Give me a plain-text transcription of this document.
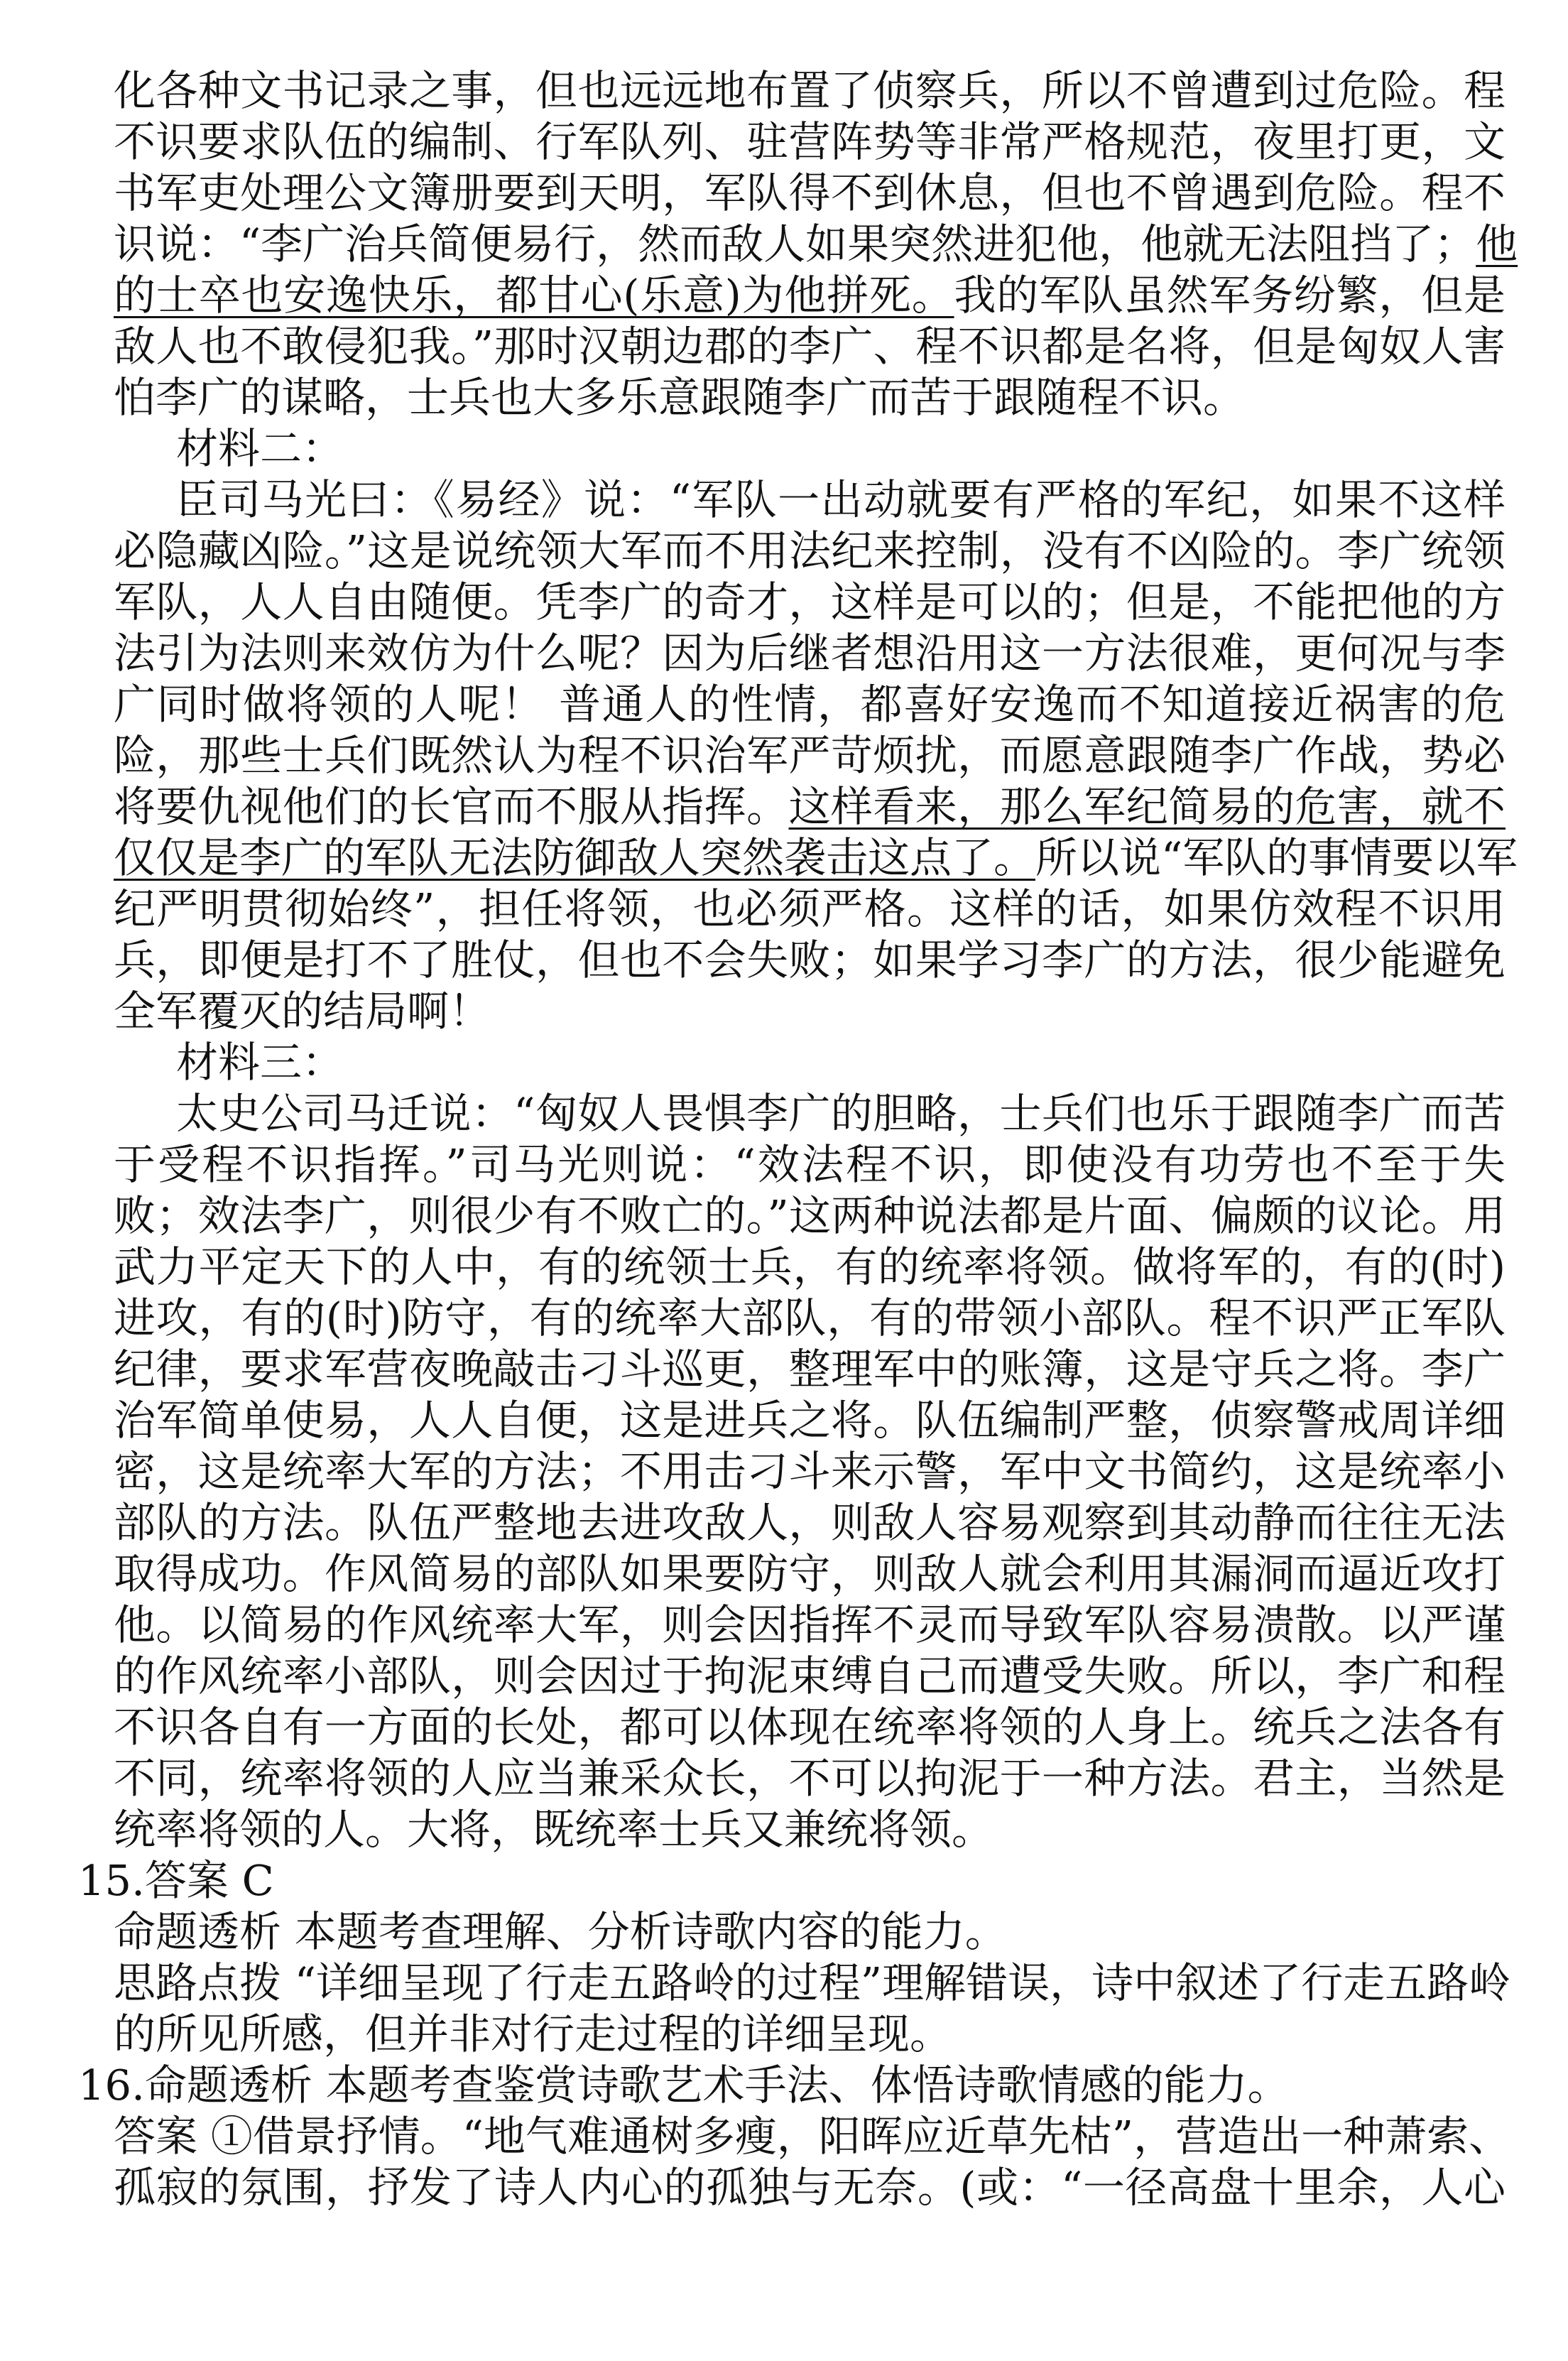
化各种文书记录之事，但也远远地布置了侦察兵，所以不曾遭到过危险。程
不识要求队伍的编制、行军队列、驻营阵势等非常严格规范，夜里打更，文
书军吏处理公文簿册要到天明，军队得不到休息，但也不曾遇到危险。程不
识说：“李广治兵简便易行，然而敌人如果突然进犯他，他就无法阻挡了；他
的士卒也安逸快乐，都甘心(乐意)为他拼死。我的军队虽然军务纷繁，但是
敌人也不敢侵犯我。”那时汉朝边郡的李广、程不识都是名将，但是匈奴人害
怕李广的谋略，士兵也大多乐意跟随李广而苦于跟随程不识。
材料二：
臣司马光曰：《易经》说：“军队一出动就要有严格的军纪，如果不这样
必隐藏凶险。”这是说统领大军而不用法纪来控制，没有不凶险的。李广统领
军队，人人自由随便。凭李广的奇才，这样是可以的；但是，不能把他的方
法引为法则来效仿为什么呢？因为后继者想沿用这一方法很难，更何况与李
广同时做将领的人呢！ 普通人的性情，都喜好安逸而不知道接近祸害的危
险，那些士兵们既然认为程不识治军严苛烦扰，而愿意跟随李广作战，势必
将要仇视他们的长官而不服从指挥。这样看来，那么军纪简易的危害，就不
仅仅是李广的军队无法防御敌人突然袭击这点了。所以说“军队的事情要以军
纪严明贯彻始终”，担任将领，也必须严格。这样的话，如果仿效程不识用
兵，即便是打不了胜仗，但也不会失败；如果学习李广的方法，很少能避免
全军覆灭的结局啊！
材料三：
太史公司马迁说：“匈奴人畏惧李广的胆略，士兵们也乐于跟随李广而苦
于受程不识指挥。”司马光则说：“效法程不识，即使没有功劳也不至于失
败；效法李广，则很少有不败亡的。”这两种说法都是片面、偏颇的议论。用
武力平定天下的人中，有的统领士兵，有的统率将领。做将军的，有的(时)
进攻，有的(时)防守，有的统率大部队，有的带领小部队。程不识严正军队
纪律，要求军营夜晚敲击刁斗巡更，整理军中的账簿，这是守兵之将。李广
治军简单使易，人人自便，这是进兵之将。队伍编制严整，侦察警戒周详细
密，这是统率大军的方法；不用击刁斗来示警，军中文书简约，这是统率小
部队的方法。队伍严整地去进攻敌人，则敌人容易观察到其动静而往往无法
取得成功。作风简易的部队如果要防守，则敌人就会利用其漏洞而逼近攻打
他。以简易的作风统率大军，则会因指挥不灵而导致军队容易溃散。以严谨
的作风统率小部队，则会因过于拘泥束缚自己而遭受失败。所以，李广和程
不识各自有一方面的长处，都可以体现在统率将领的人身上。统兵之法各有
不同，统率将领的人应当兼采众长，不可以拘泥于一种方法。君主，当然是
统率将领的人。大将，既统率士兵又兼统将领。
15.答案 C
命题透析 本题考查理解、分析诗歌内容的能力。
思路点拨 “详细呈现了行走五路岭的过程”理解错误，诗中叙述了行走五路岭
的所见所感，但并非对行走过程的详细呈现。
16.命题透析 本题考查鉴赏诗歌艺术手法、体悟诗歌情感的能力。
答案 ①借景抒情。“地气难通树多瘦，阳晖应近草先枯”，营造出一种萧索、
孤寂的氛围，抒发了诗人内心的孤独与无奈。(或：“一径高盘十里余，人心
